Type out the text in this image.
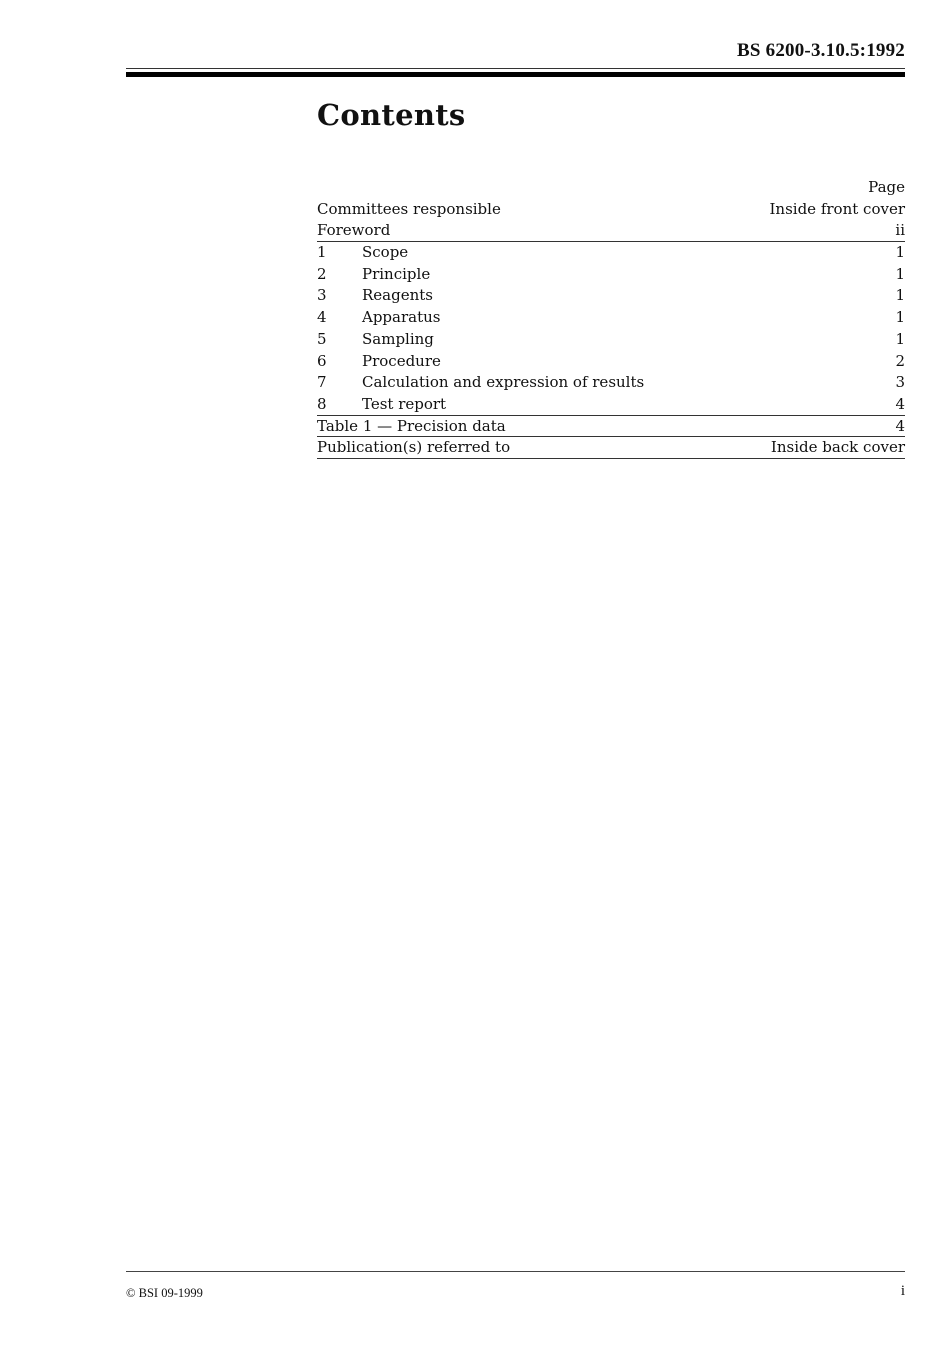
BS 6200-3.10.5:1992
Contents
Page
Committees responsible	Inside front cover
Foreword	ii
1 Scope	1
2 Principle	1
3 Reagents	1
4 Apparatus	1
5 Sampling	1
6 Procedure	2
7 Calculation and expression of results	3
8 Test report	4
Table 1 — Precision data	4
Publication(s) referred to	Inside back cover
© BSI 09-1999	i
